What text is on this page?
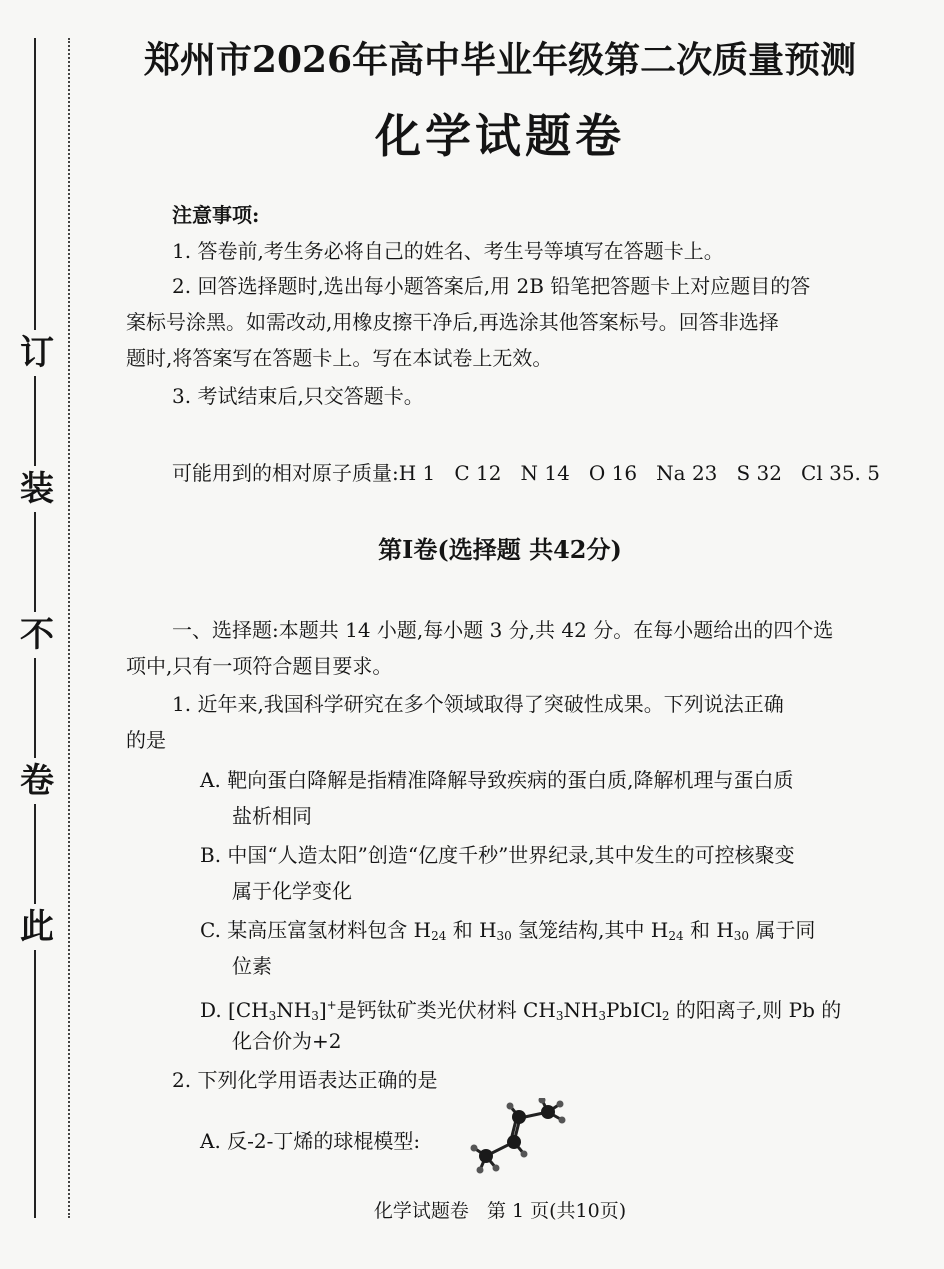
订
装
不
卷
此
郑州市2026年高中毕业年级第二次质量预测
化学试题卷
注意事项:
1. 答卷前,考生务必将自己的姓名、考生号等填写在答题卡上。
2. 回答选择题时,选出每小题答案后,用 2B 铅笔把答题卡上对应题目的答
案标号涂黑。如需改动,用橡皮擦干净后,再选涂其他答案标号。回答非选择
题时,将答案写在答题卡上。写在本试卷上无效。
3. 考试结束后,只交答题卡。
可能用到的相对原子质量:H 1   C 12   N 14   O 16   Na 23   S 32   Cl 35. 5
第Ⅰ卷(选择题 共42分)
一、选择题:本题共 14 小题,每小题 3 分,共 42 分。在每小题给出的四个选
项中,只有一项符合题目要求。
1. 近年来,我国科学研究在多个领域取得了突破性成果。下列说法正确
的是
A. 靶向蛋白降解是指精准降解导致疾病的蛋白质,降解机理与蛋白质
盐析相同
B. 中国“人造太阳”创造“亿度千秒”世界纪录,其中发生的可控核聚变
属于化学变化
C. 某高压富氢材料包含 $H_{24}$ 和 $H_{30}$ 氢笼结构,其中 $H_{24}$ 和 $H_{30}$ 属于同
位素
D. $[CH_3NH_3]^+$是钙钛矿类光伏材料 $CH_3NH_3PbICl_2$ 的阳离子,则 Pb 的
化合价为+2
2. 下列化学用语表达正确的是
A. 反-2-丁烯的球棍模型:
化学试题卷   第 1 页(共10页)
